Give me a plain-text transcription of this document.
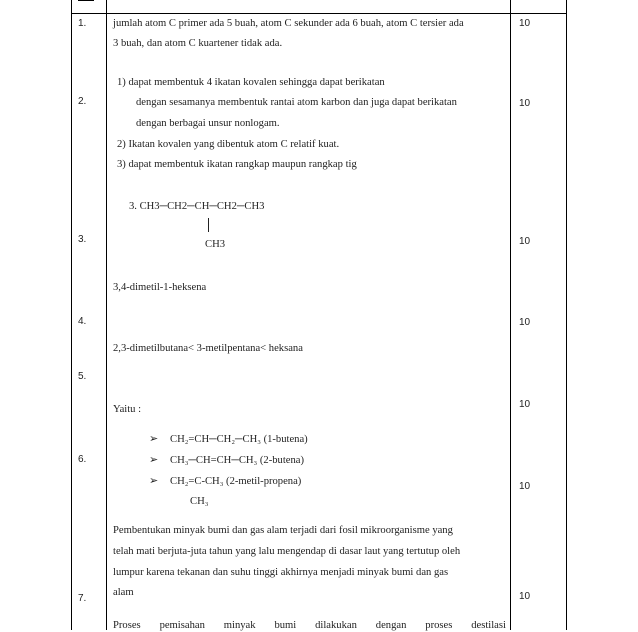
1.
2.
3.
4.
5.
6.
7.
10
10
10
10
10
10
10
jumlah atom C primer ada 5 buah, atom C sekunder ada 6 buah, atom C tersier ada
3 buah, dan atom C kuartener tidak ada.
1) dapat membentuk 4 ikatan kovalen sehingga dapat berikatan
dengan sesamanya membentuk rantai atom karbon dan juga dapat berikatan
dengan berbagai unsur nonlogam.
2) Ikatan kovalen yang dibentuk atom C relatif kuat.
3) dapat membentuk ikatan rangkap maupun rangkap tig
3. CH3─CH2─CH─CH2─CH3
CH3
3,4-dimetil-1-heksena
2,3-dimetilbutana< 3-metilpentana< heksana
Yaitu :
➢ CH₂=CH─CH₂─CH₃ (1-butena)
➢ CH₃─CH=CH─CH₃ (2-butena)
➢ CH₂=C-CH₃ (2-metil-propena)
CH₃
Pembentukan minyak bumi dan gas alam terjadi dari fosil mikroorganisme yang
telah mati berjuta-juta tahun yang lalu mengendap di dasar laut yang tertutup oleh
lumpur karena tekanan dan suhu tinggi akhirnya menjadi minyak bumi dan gas
alam
Proses pemisahan minyak bumi dilakukan dengan proses destilasi
